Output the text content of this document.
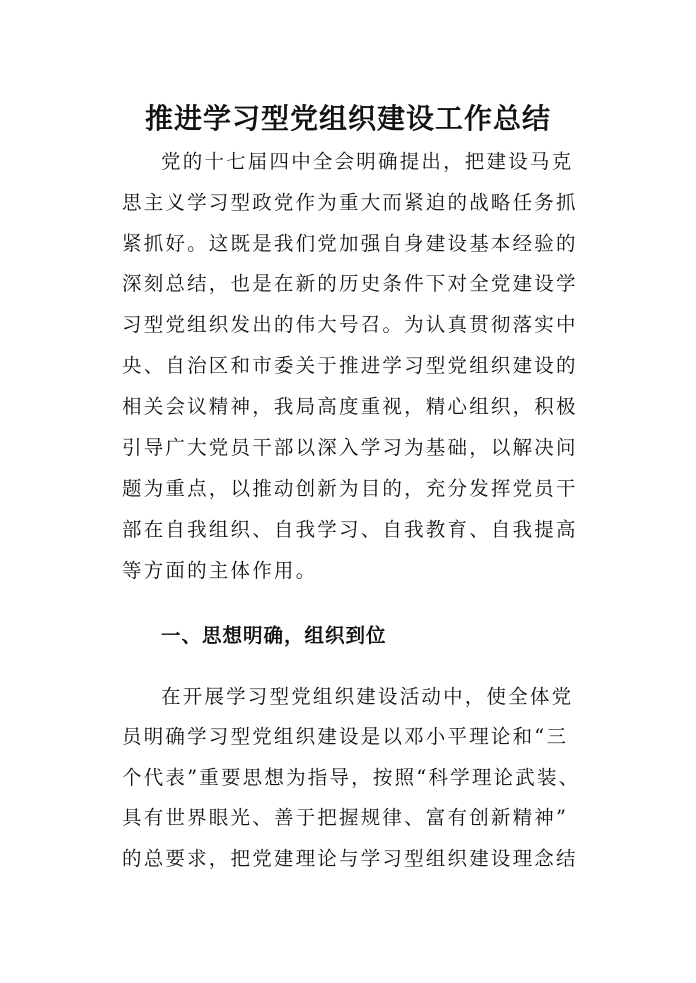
推进学习型党组织建设工作总结
党的十七届四中全会明确提出，把建设马克
思主义学习型政党作为重大而紧迫的战略任务抓
紧抓好。这既是我们党加强自身建设基本经验的
深刻总结，也是在新的历史条件下对全党建设学
习型党组织发出的伟大号召。为认真贯彻落实中
央、自治区和市委关于推进学习型党组织建设的
相关会议精神，我局高度重视，精心组织，积极
引导广大党员干部以深入学习为基础，以解决问
题为重点，以推动创新为目的，充分发挥党员干
部在自我组织、自我学习、自我教育、自我提高
等方面的主体作用。
一、思想明确，组织到位
在开展学习型党组织建设活动中，使全体党
员明确学习型党组织建设是以邓小平理论和“三
个代表”重要思想为指导，按照“科学理论武装、
具有世界眼光、善于把握规律、富有创新精神”
的总要求，把党建理论与学习型组织建设理念结
